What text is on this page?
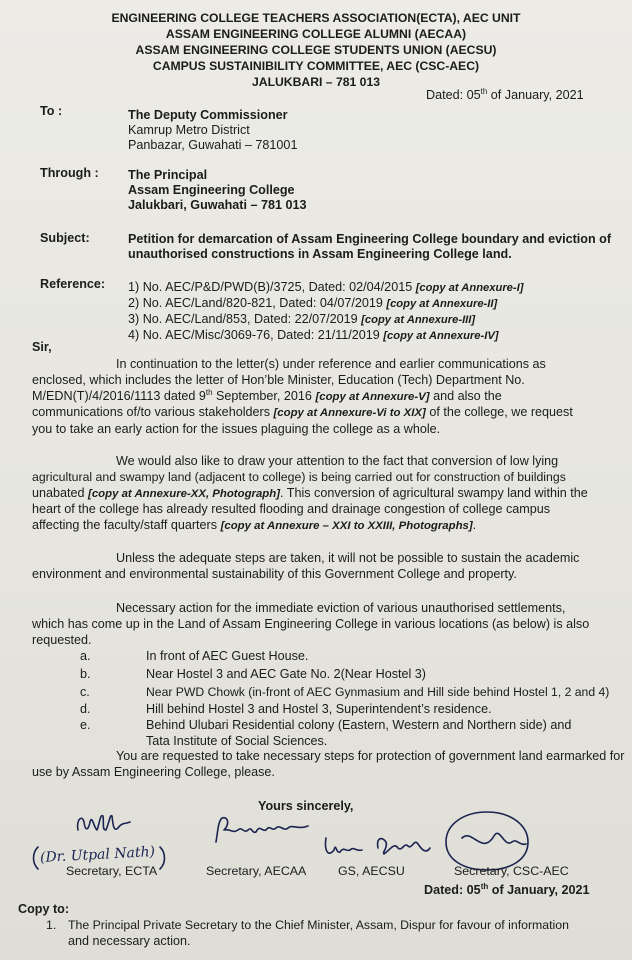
ENGINEERING COLLEGE TEACHERS ASSOCIATION(ECTA), AEC UNIT
ASSAM ENGINEERING COLLEGE ALUMNI (AECAA)
ASSAM ENGINEERING COLLEGE STUDENTS UNION (AECSU)
CAMPUS SUSTAINIBILITY COMMITTEE, AEC (CSC-AEC)
JALUKBARI – 781 013
Dated: 05th of January, 2021
To :	The Deputy Commissioner
Kamrup Metro District
Panbazar, Guwahati – 781001
Through : The Principal
Assam Engineering College
Jalukbari, Guwahati – 781 013
Subject:	Petition for demarcation of Assam Engineering College boundary and eviction of
unauthorised constructions in Assam Engineering College land.
Reference: 1) No. AEC/P&D/PWD(B)/3725, Dated: 02/04/2015 [copy at Annexure-I]
2) No. AEC/Land/820-821, Dated: 04/07/2019 [copy at Annexure-II]
3) No. AEC/Land/853, Dated: 22/07/2019 [copy at Annexure-III]
4) No. AEC/Misc/3069-76, Dated: 21/11/2019 [copy at Annexure-IV]
Sir,
In continuation to the letter(s) under reference and earlier communications as
enclosed, which includes the letter of Hon’ble Minister, Education (Tech) Department No.
M/EDN(T)/4/2016/1113 dated 9th September, 2016 [copy at Annexure-V] and also the
communications of/to various stakeholders [copy at Annexure-Vi to XIX] of the college, we request
you to take an early action for the issues plaguing the college as a whole.
We would also like to draw your attention to the fact that conversion of low lying
agricultural and swampy land (adjacent to college) is being carried out for construction of buildings
unabated [copy at Annexure-XX, Photograph]. This conversion of agricultural swampy land within the
heart of the college has already resulted flooding and drainage congestion of college campus
affecting the faculty/staff quarters [copy at Annexure – XXI to XXIII, Photographs].
Unless the adequate steps are taken, it will not be possible to sustain the academic
environment and environmental sustainability of this Government College and property.
Necessary action for the immediate eviction of various unauthorised settlements,
which has come up in the Land of Assam Engineering College in various locations (as below) is also
requested.
a.	In front of AEC Guest House.
b.	Near Hostel 3 and AEC Gate No. 2(Near Hostel 3)
c.	Near PWD Chowk (in-front of AEC Gynmasium and Hill side behind Hostel 1, 2 and 4)
d.	Hill behind Hostel 3 and Hostel 3, Superintendent’s residence.
e.	Behind Ulubari Residential colony (Eastern, Western and Northern side) and Tata Institute of Social Sciences.
You are requested to take necessary steps for protection of government land earmarked for
use by Assam Engineering College, please.
Yours sincerely,
(Dr. Utpal Nath)
Secretary, ECTA	Secretary, AECAA	GS, AECSU	Secretary, CSC-AEC
Dated: 05th of January, 2021
Copy to:
1. The Principal Private Secretary to the Chief Minister, Assam, Dispur for favour of information
and necessary action.
